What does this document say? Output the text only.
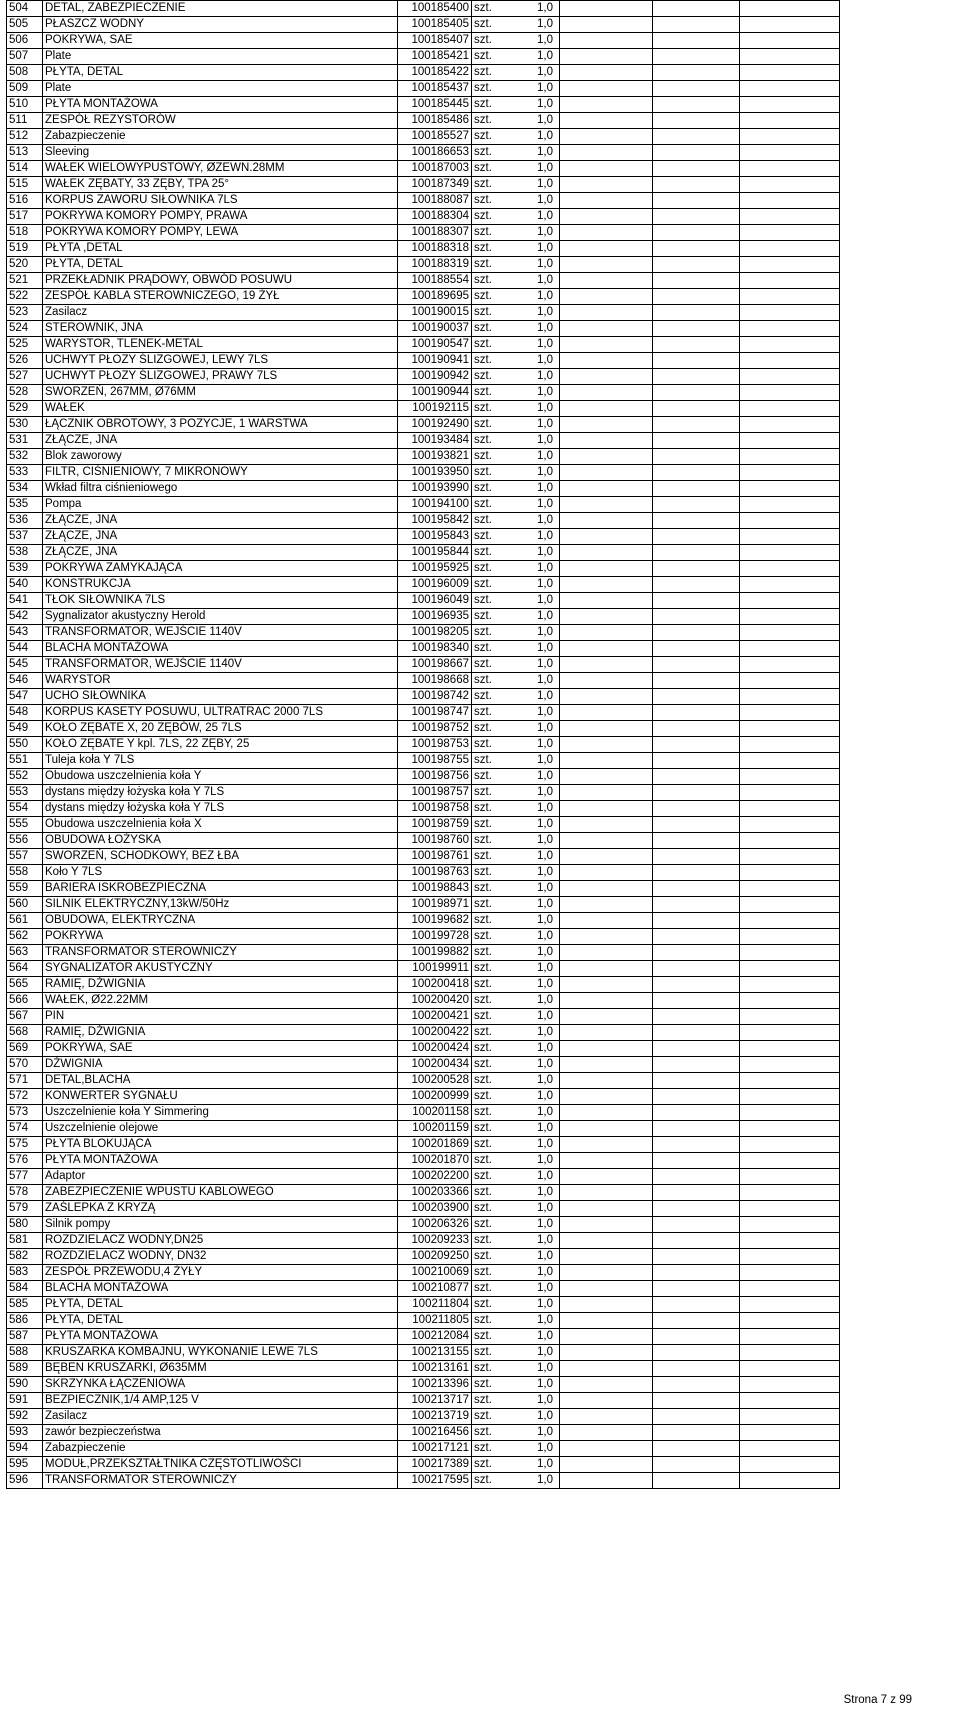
504	DETAL, ZABEZPIECZENIE	100185400	szt.	1,0			
505	PŁASZCZ WODNY	100185405	szt.	1,0			
506	POKRYWA, SAE	100185407	szt.	1,0			
507	Plate	100185421	szt.	1,0			
508	PŁYTA, DETAL	100185422	szt.	1,0			
509	Plate	100185437	szt.	1,0			
510	PŁYTA MONTAŻOWA	100185445	szt.	1,0			
511	ZESPÓŁ REZYSTORÓW	100185486	szt.	1,0			
512	Zabazpieczenie	100185527	szt.	1,0			
513	Sleeving	100186653	szt.	1,0			
514	WAŁEK WIELOWYPUSTOWY, ØZEWN.28MM	100187003	szt.	1,0			
515	WAŁEK ZĘBATY, 33 ZĘBY, TPA 25°	100187349	szt.	1,0			
516	KORPUS ZAWORU SIŁOWNIKA 7LS	100188087	szt.	1,0			
517	POKRYWA KOMORY POMPY, PRAWA	100188304	szt.	1,0			
518	POKRYWA KOMORY POMPY, LEWA	100188307	szt.	1,0			
519	PŁYTA ,DETAL	100188318	szt.	1,0			
520	PŁYTA, DETAL	100188319	szt.	1,0			
521	PRZEKŁADNIK PRĄDOWY, OBWÓD POSUWU	100188554	szt.	1,0			
522	ZESPÓŁ KABLA STEROWNICZEGO, 19 ŻYŁ	100189695	szt.	1,0			
523	Zasilacz	100190015	szt.	1,0			
524	STEROWNIK, JNA	100190037	szt.	1,0			
525	WARYSTOR, TLENEK-METAL	100190547	szt.	1,0			
526	UCHWYT PŁOZY ŚLIZGOWEJ, LEWY 7LS	100190941	szt.	1,0			
527	UCHWYT PŁOZY ŚLIZGOWEJ, PRAWY 7LS	100190942	szt.	1,0			
528	SWORZEŃ, 267MM, Ø76MM	100190944	szt.	1,0			
529	WAŁEK	100192115	szt.	1,0			
530	ŁĄCZNIK OBROTOWY, 3 POZYCJE, 1 WARSTWA	100192490	szt.	1,0			
531	ZŁĄCZE, JNA	100193484	szt.	1,0			
532	Blok zaworowy	100193821	szt.	1,0			
533	FILTR, CIŚNIENIOWY, 7 MIKRONOWY	100193950	szt.	1,0			
534	Wkład filtra ciśnieniowego	100193990	szt.	1,0			
535	Pompa	100194100	szt.	1,0			
536	ZŁĄCZE, JNA	100195842	szt.	1,0			
537	ZŁĄCZE, JNA	100195843	szt.	1,0			
538	ZŁĄCZE, JNA	100195844	szt.	1,0			
539	POKRYWA ZAMYKAJĄCA	100195925	szt.	1,0			
540	KONSTRUKCJA	100196009	szt.	1,0			
541	TŁOK SIŁOWNIKA 7LS	100196049	szt.	1,0			
542	Sygnalizator akustyczny Herold	100196935	szt.	1,0			
543	TRANSFORMATOR, WEJŚCIE 1140V	100198205	szt.	1,0			
544	BLACHA MONTAŻOWA	100198340	szt.	1,0			
545	TRANSFORMATOR, WEJŚCIE 1140V	100198667	szt.	1,0			
546	WARYSTOR	100198668	szt.	1,0			
547	UCHO SIŁOWNIKA	100198742	szt.	1,0			
548	KORPUS KASETY POSUWU, ULTRATRAC 2000 7LS	100198747	szt.	1,0			
549	KOŁO ZĘBATE X, 20 ZĘBÓW, 25 7LS	100198752	szt.	1,0			
550	KOŁO ZĘBATE Y kpl. 7LS, 22 ZĘBY, 25	100198753	szt.	1,0			
551	Tuleja koła Y 7LS	100198755	szt.	1,0			
552	Obudowa uszczelnienia koła Y	100198756	szt.	1,0			
553	dystans między łożyska koła Y 7LS	100198757	szt.	1,0			
554	dystans między łożyska koła Y 7LS	100198758	szt.	1,0			
555	Obudowa uszczelnienia koła X	100198759	szt.	1,0			
556	OBUDOWA ŁOŻYSKA	100198760	szt.	1,0			
557	SWORZEŃ, SCHODKOWY, BEZ ŁBA	100198761	szt.	1,0			
558	Koło Y 7LS	100198763	szt.	1,0			
559	BARIERA ISKROBEZPIECZNA	100198843	szt.	1,0			
560	SILNIK ELEKTRYCZNY,13kW/50Hz	100198971	szt.	1,0			
561	OBUDOWA, ELEKTRYCZNA	100199682	szt.	1,0			
562	POKRYWA	100199728	szt.	1,0			
563	TRANSFORMATOR STEROWNICZY	100199882	szt.	1,0			
564	SYGNALIZATOR AKUSTYCZNY	100199911	szt.	1,0			
565	RAMIĘ, DŹWIGNIA	100200418	szt.	1,0			
566	WAŁEK, Ø22.22MM	100200420	szt.	1,0			
567	PIN	100200421	szt.	1,0			
568	RAMIĘ, DŹWIGNIA	100200422	szt.	1,0			
569	POKRYWA, SAE	100200424	szt.	1,0			
570	DŹWIGNIA	100200434	szt.	1,0			
571	DETAL,BLACHA	100200528	szt.	1,0			
572	KONWERTER SYGNAŁU	100200999	szt.	1,0			
573	Uszczelnienie koła Y Simmering	100201158	szt.	1,0			
574	Uszczelnienie olejowe	100201159	szt.	1,0			
575	PŁYTA BLOKUJĄCA	100201869	szt.	1,0			
576	PŁYTA MONTAŻOWA	100201870	szt.	1,0			
577	Adaptor	100202200	szt.	1,0			
578	ZABEZPIECZENIE WPUSTU KABLOWEGO	100203366	szt.	1,0			
579	ZAŚLEPKA Z KRYZĄ	100203900	szt.	1,0			
580	Silnik pompy	100206326	szt.	1,0			
581	ROZDZIELACZ WODNY,DN25	100209233	szt.	1,0			
582	ROZDZIELACZ WODNY, DN32	100209250	szt.	1,0			
583	ZESPÓŁ PRZEWODU,4 ŻYŁY	100210069	szt.	1,0			
584	BLACHA MONTAŻOWA	100210877	szt.	1,0			
585	PŁYTA, DETAL	100211804	szt.	1,0			
586	PŁYTA, DETAL	100211805	szt.	1,0			
587	PŁYTA MONTAŻOWA	100212084	szt.	1,0			
588	KRUSZARKA KOMBAJNU, WYKONANIE LEWE 7LS	100213155	szt.	1,0			
589	BĘBEN KRUSZARKI, Ø635MM	100213161	szt.	1,0			
590	SKRZYNKA ŁĄCZENIOWA	100213396	szt.	1,0			
591	BEZPIECZNIK,1/4 AMP,125 V	100213717	szt.	1,0			
592	Zasilacz	100213719	szt.	1,0			
593	zawór bezpieczeństwa	100216456	szt.	1,0			
594	Zabazpieczenie	100217121	szt.	1,0			
595	MODUŁ,PRZEKSZTAŁTNIKA CZĘSTOTLIWOŚCI	100217389	szt.	1,0			
596	TRANSFORMATOR STEROWNICZY	100217595	szt.	1,0			
Strona 7 z 99
